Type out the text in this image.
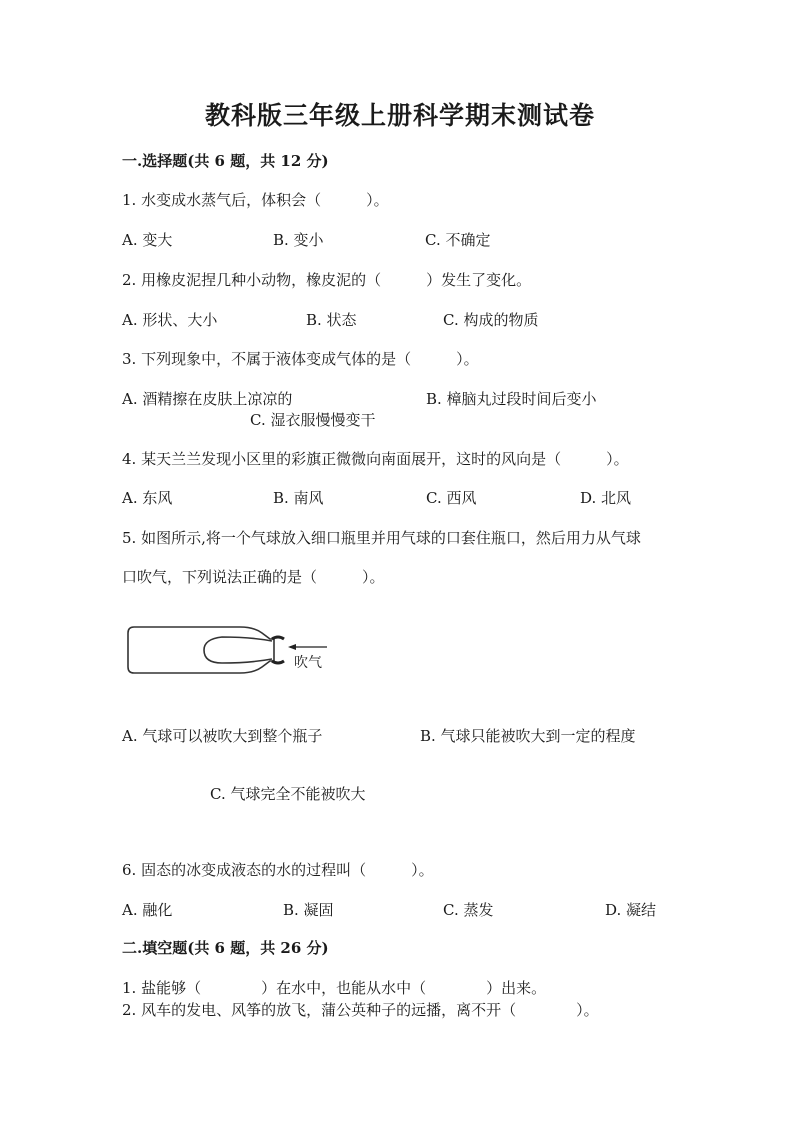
教科版三年级上册科学期末测试卷
一.选择题(共 6 题，共 12 分)
1. 水变成水蒸气后，体积会（　　　）。
A. 变大	B. 变小	C. 不确定
2. 用橡皮泥捏几种小动物，橡皮泥的（　　　）发生了变化。
A. 形状、大小	B. 状态	C. 构成的物质
3. 下列现象中，不属于液体变成气体的是（　　　）。
A. 酒精擦在皮肤上凉凉的	B. 樟脑丸过段时间后变小
C. 湿衣服慢慢变干
4. 某天兰兰发现小区里的彩旗正微微向南面展开，这时的风向是（　　　）。
A. 东风	B. 南风	C. 西风	D. 北风
5. 如图所示,将一个气球放入细口瓶里并用气球的口套住瓶口，然后用力从气球
口吹气，下列说法正确的是（　　　）。
吹气
A. 气球可以被吹大到整个瓶子	B. 气球只能被吹大到一定的程度
C. 气球完全不能被吹大
6. 固态的冰变成液态的水的过程叫（　　　）。
A. 融化	B. 凝固	C. 蒸发	D. 凝结
二.填空题(共 6 题，共 26 分)
1. 盐能够（　　　　）在水中，也能从水中（　　　　）出来。
2. 风车的发电、风筝的放飞，蒲公英种子的远播，离不开（　　　　）。
